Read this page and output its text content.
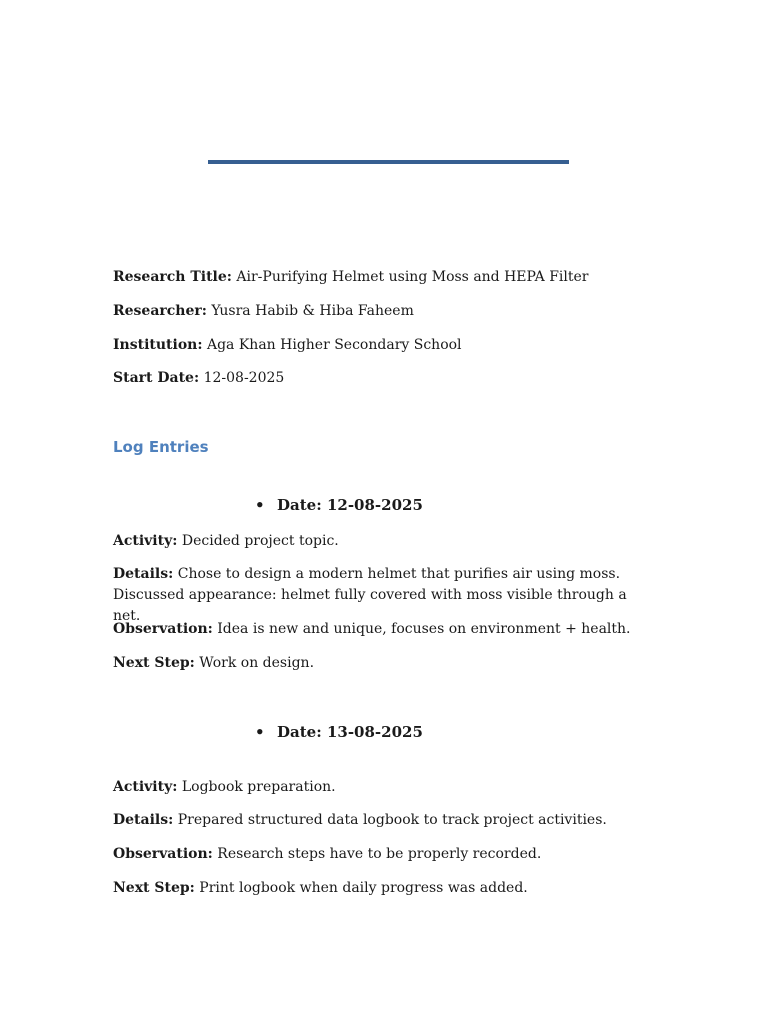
Research Title: Air-Purifying Helmet using Moss and HEPA Filter
Researcher: Yusra Habib & Hiba Faheem
Institution: Aga Khan Higher Secondary School
Start Date: 12-08-2025
Log Entries
• Date: 12-08-2025
Activity: Decided project topic.
Details: Chose to design a modern helmet that purifies air using moss. Discussed appearance: helmet fully covered with moss visible through a net.
Observation: Idea is new and unique, focuses on environment + health.
Next Step: Work on design.
• Date: 13-08-2025
Activity: Logbook preparation.
Details: Prepared structured data logbook to track project activities.
Observation: Research steps have to be properly recorded.
Next Step: Print logbook when daily progress was added.
